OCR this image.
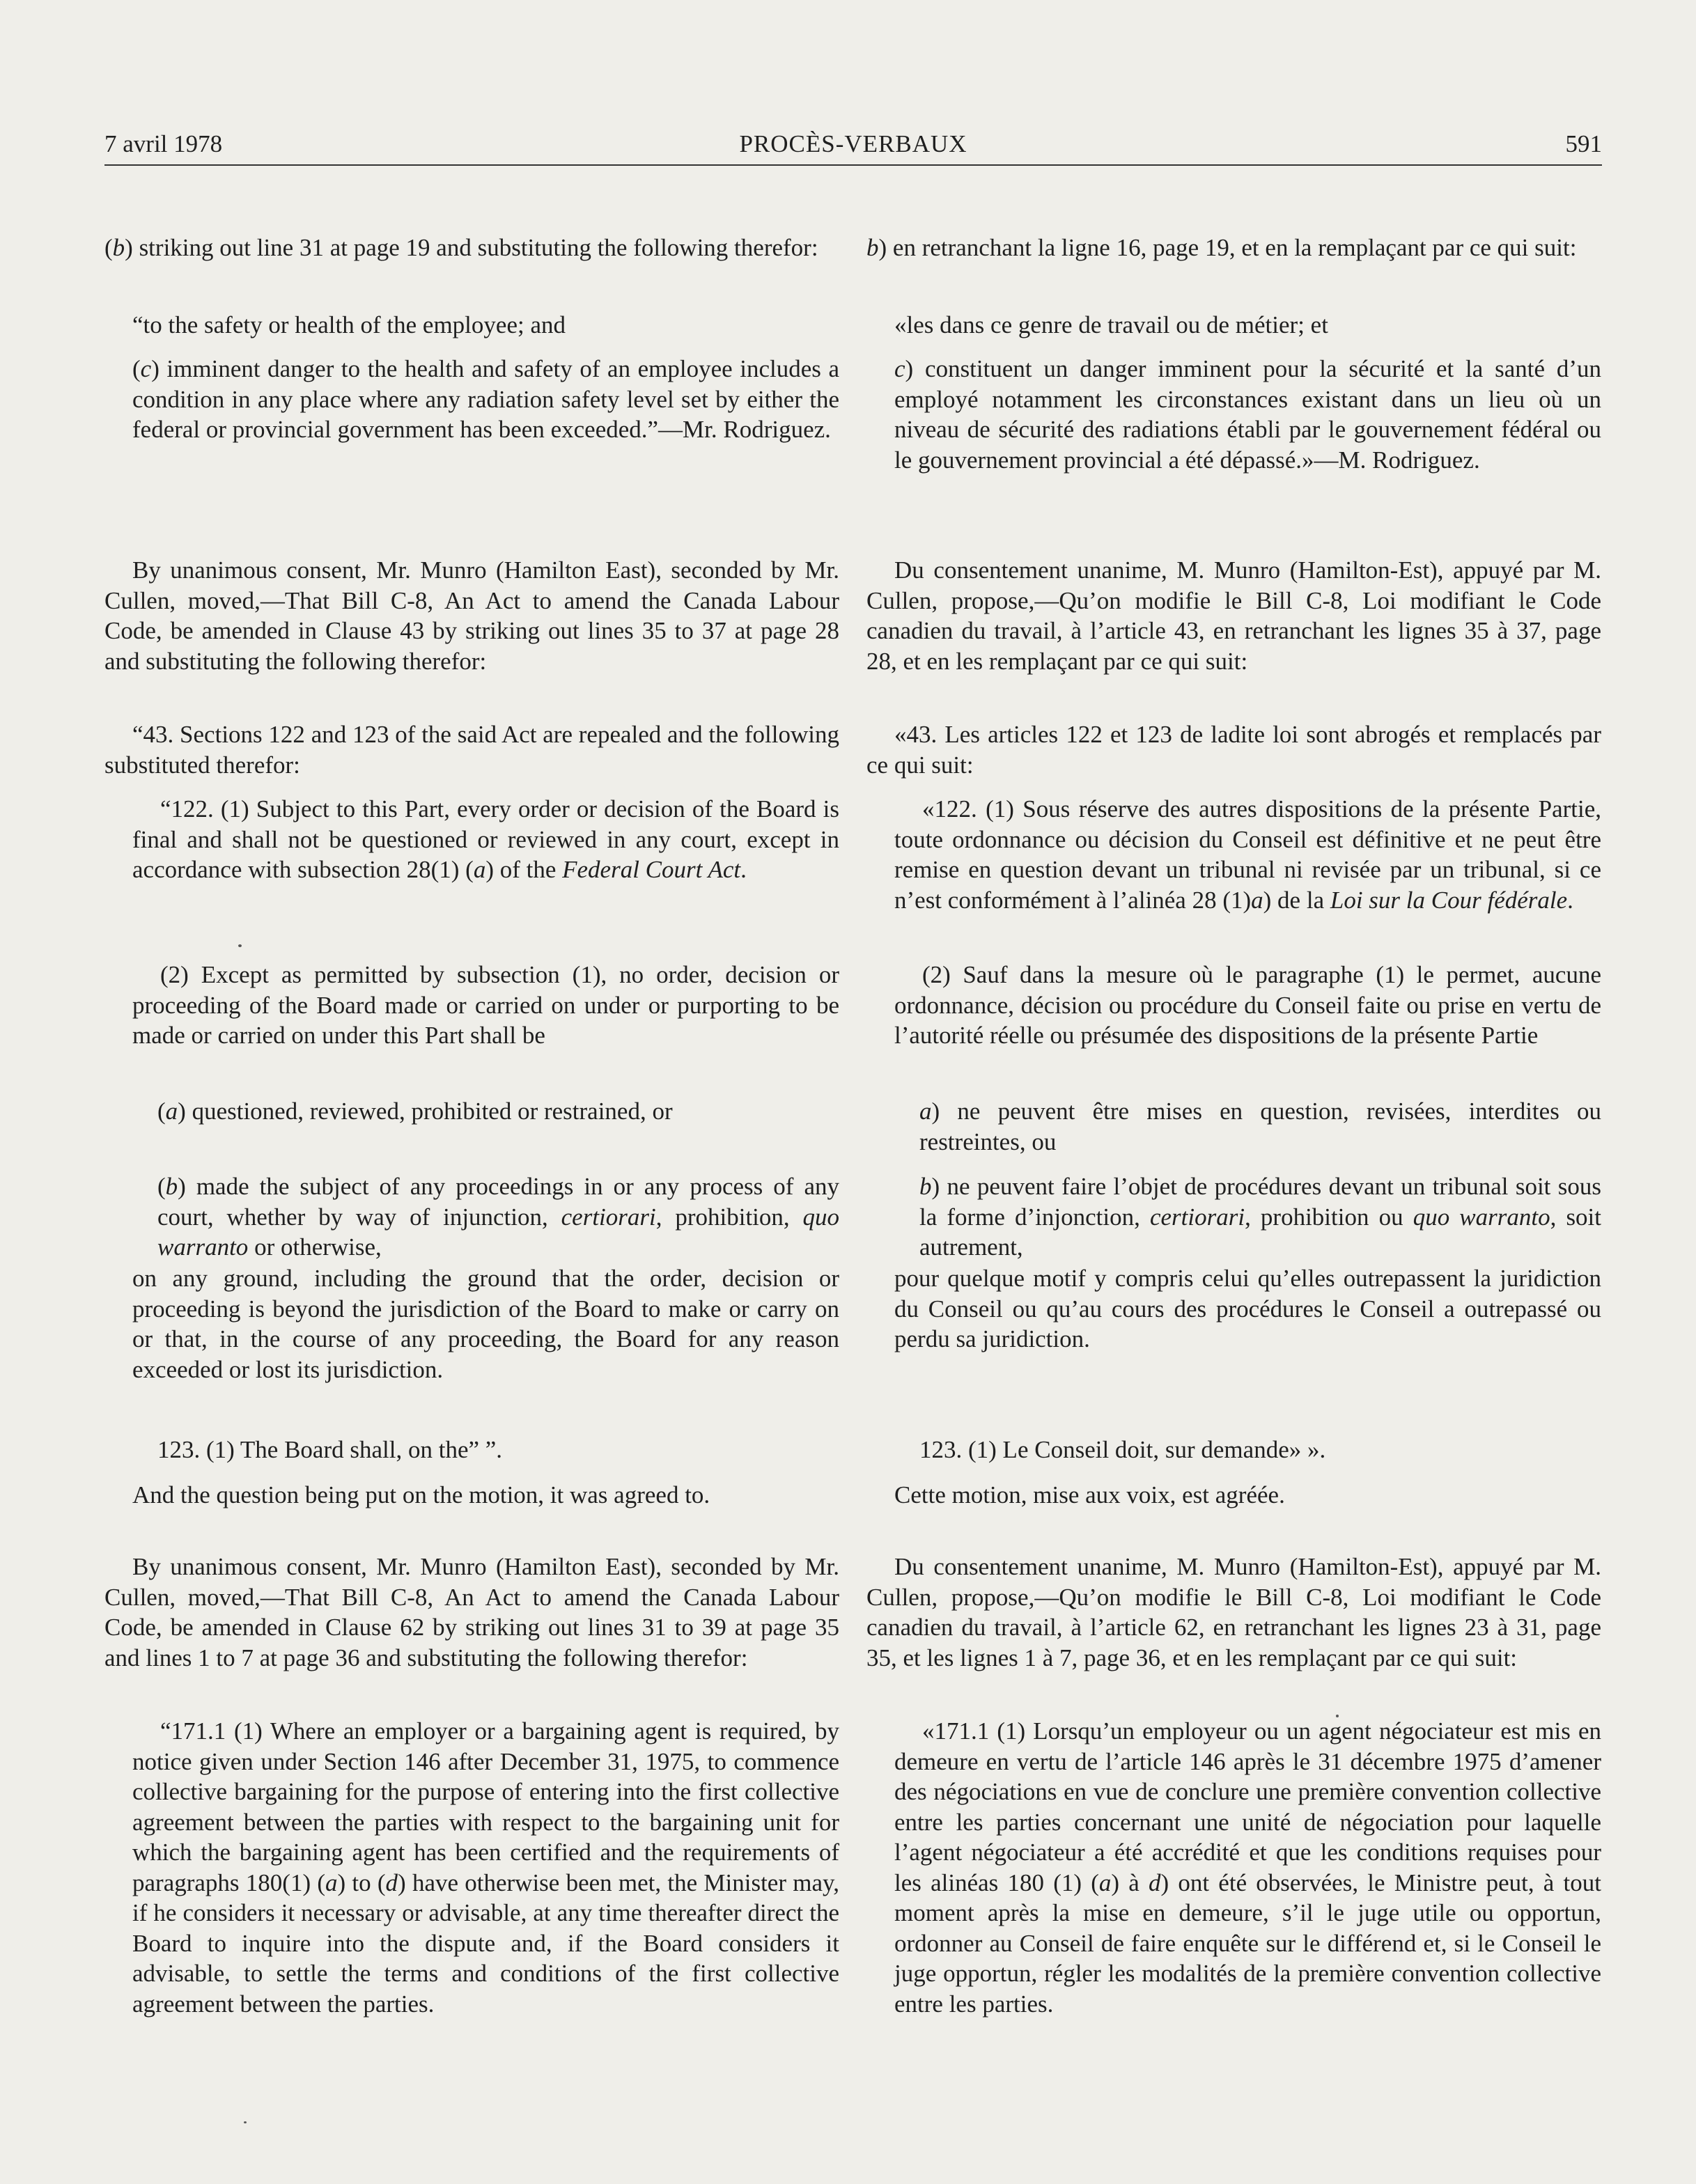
7 avril 1978	PROCÈS-VERBAUX	591

(b) striking out line 31 at page 19 and substituting the following therefor:

“to the safety or health of the employee; and

(c) imminent danger to the health and safety of an employee includes a condition in any place where any radiation safety level set by either the federal or provincial government has been exceeded.”—Mr. Rodriguez.

By unanimous consent, Mr. Munro (Hamilton East), seconded by Mr. Cullen, moved,—That Bill C-8, An Act to amend the Canada Labour Code, be amended in Clause 43 by striking out lines 35 to 37 at page 28 and substituting the following therefor:

“43. Sections 122 and 123 of the said Act are repealed and the following substituted therefor:

“122. (1) Subject to this Part, every order or decision of the Board is final and shall not be questioned or reviewed in any court, except in accordance with subsection 28(1) (a) of the Federal Court Act.

(2) Except as permitted by subsection (1), no order, decision or proceeding of the Board made or carried on under or purporting to be made or carried on under this Part shall be

(a) questioned, reviewed, prohibited or restrained, or

(b) made the subject of any proceedings in or any process of any court, whether by way of injunction, certiorari, prohibition, quo warranto or otherwise,

on any ground, including the ground that the order, decision or proceeding is beyond the jurisdiction of the Board to make or carry on or that, in the course of any proceeding, the Board for any reason exceeded or lost its jurisdiction.

123. (1) The Board shall, on the” ”.

And the question being put on the motion, it was agreed to.

By unanimous consent, Mr. Munro (Hamilton East), seconded by Mr. Cullen, moved,—That Bill C-8, An Act to amend the Canada Labour Code, be amended in Clause 62 by striking out lines 31 to 39 at page 35 and lines 1 to 7 at page 36 and substituting the following therefor:

“171.1 (1) Where an employer or a bargaining agent is required, by notice given under Section 146 after December 31, 1975, to commence collective bargaining for the purpose of entering into the first collective agreement between the parties with respect to the bargaining unit for which the bargaining agent has been certified and the requirements of paragraphs 180(1) (a) to (d) have otherwise been met, the Minister may, if he considers it necessary or advisable, at any time thereafter direct the Board to inquire into the dispute and, if the Board considers it advisable, to settle the terms and conditions of the first collective agreement between the parties.

b) en retranchant la ligne 16, page 19, et en la remplaçant par ce qui suit:

«les dans ce genre de travail ou de métier; et

c) constituent un danger imminent pour la sécurité et la santé d’un employé notamment les circonstances existant dans un lieu où un niveau de sécurité des radiations établi par le gouvernement fédéral ou le gouvernement provincial a été dépassé.»—M. Rodriguez.

Du consentement unanime, M. Munro (Hamilton-Est), appuyé par M. Cullen, propose,—Qu’on modifie le Bill C-8, Loi modifiant le Code canadien du travail, à l’article 43, en retranchant les lignes 35 à 37, page 28, et en les remplaçant par ce qui suit:

«43. Les articles 122 et 123 de ladite loi sont abrogés et remplacés par ce qui suit:

«122. (1) Sous réserve des autres dispositions de la présente Partie, toute ordonnance ou décision du Conseil est définitive et ne peut être remise en question devant un tribunal ni revisée par un tribunal, si ce n’est conformément à l’alinéa 28 (1)a) de la Loi sur la Cour fédérale.

(2) Sauf dans la mesure où le paragraphe (1) le permet, aucune ordonnance, décision ou procédure du Conseil faite ou prise en vertu de l’autorité réelle ou présumée des dispositions de la présente Partie

a) ne peuvent être mises en question, revisées, interdites ou restreintes, ou

b) ne peuvent faire l’objet de procédures devant un tribunal soit sous la forme d’injonction, certiorari, prohibition ou quo warranto, soit autrement,

pour quelque motif y compris celui qu’elles outrepassent la juridiction du Conseil ou qu’au cours des procédures le Conseil a outrepassé ou perdu sa juridiction.

123. (1) Le Conseil doit, sur demande» ».

Cette motion, mise aux voix, est agréée.

Du consentement unanime, M. Munro (Hamilton-Est), appuyé par M. Cullen, propose,—Qu’on modifie le Bill C-8, Loi modifiant le Code canadien du travail, à l’article 62, en retranchant les lignes 23 à 31, page 35, et les lignes 1 à 7, page 36, et en les remplaçant par ce qui suit:

«171.1 (1) Lorsqu’un employeur ou un agent négociateur est mis en demeure en vertu de l’article 146 après le 31 décembre 1975 d’amener des négociations en vue de conclure une première convention collective entre les parties concernant une unité de négociation pour laquelle l’agent négociateur a été accrédité et que les conditions requises pour les alinéas 180 (1) (a) à d) ont été observées, le Ministre peut, à tout moment après la mise en demeure, s’il le juge utile ou opportun, ordonner au Conseil de faire enquête sur le différend et, si le Conseil le juge opportun, régler les modalités de la première convention collective entre les parties.
